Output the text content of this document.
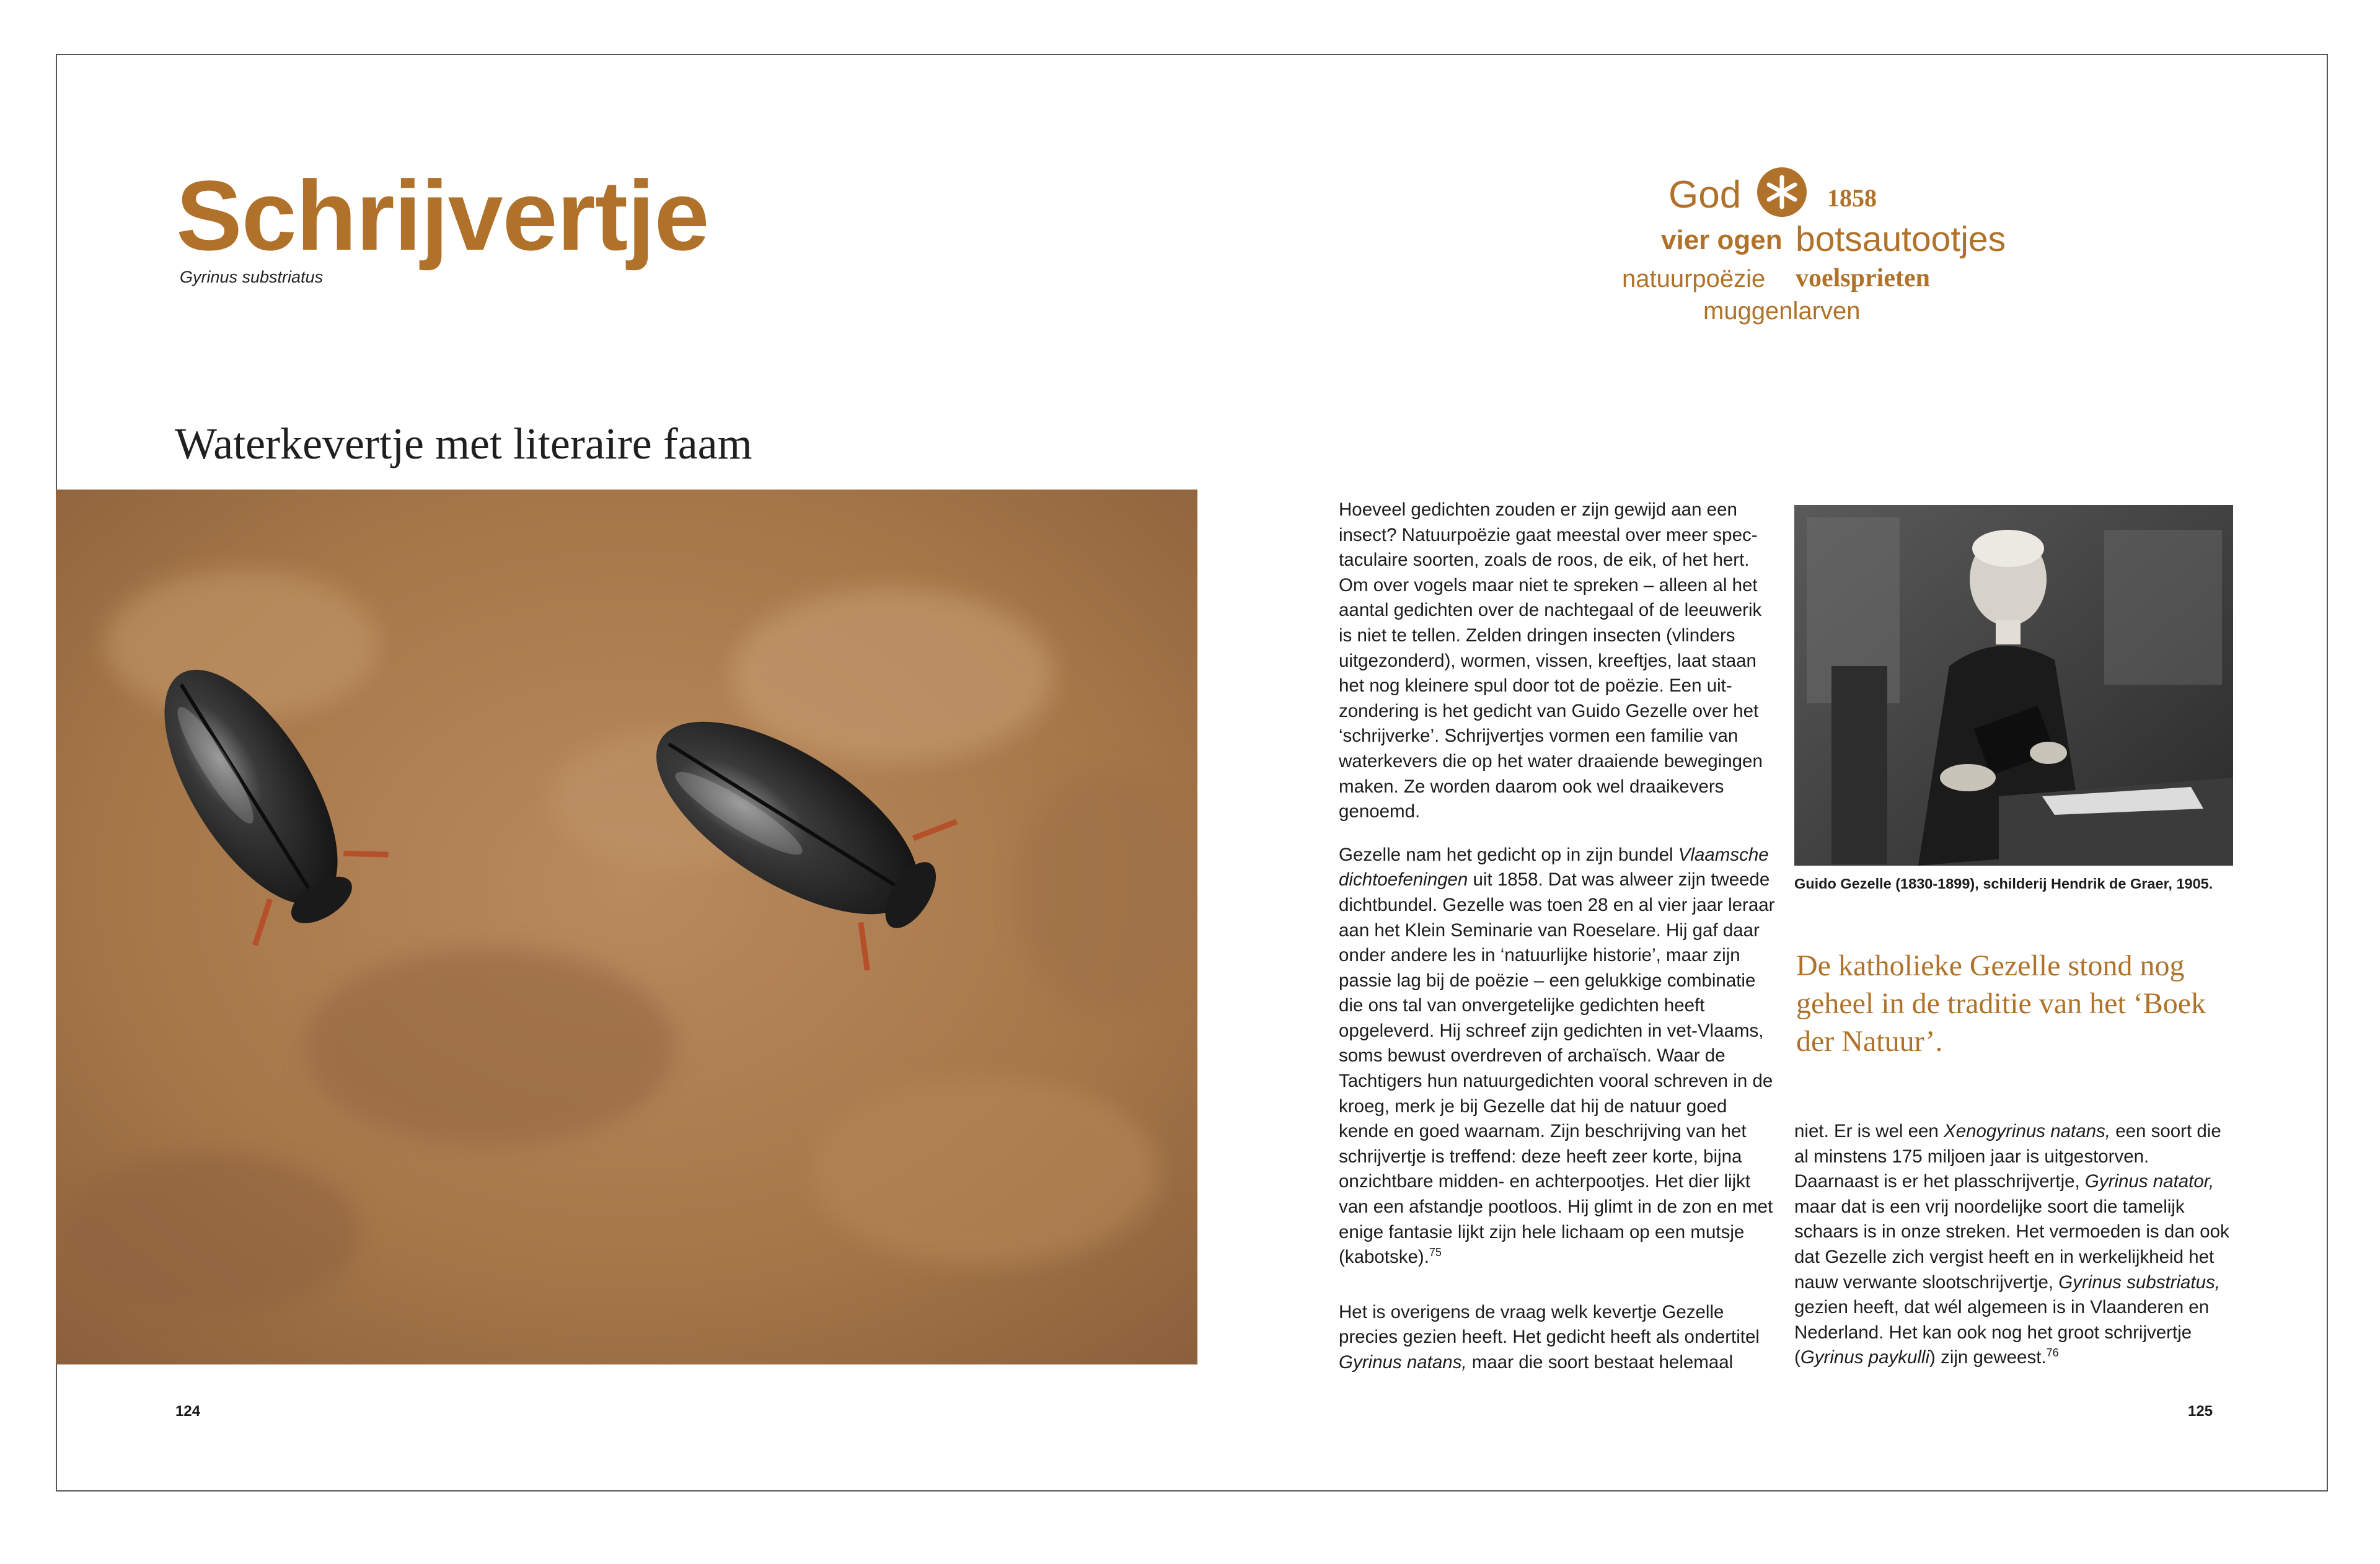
Schrijvertje
Gyrinus substriatus
Waterkevertje met literaire faam
124
God	1858
vier ogen botsautootjes
natuurpoëzie voelsprieten
muggenlarven

Hoeveel gedichten zouden er zijn gewijd aan een insect? Natuurpoëzie gaat meestal over meer spectaculaire soorten, zoals de roos, de eik, of het hert. Om over vogels maar niet te spreken – alleen al het aantal gedichten over de nachtegaal of de leeuwerik is niet te tellen. Zelden dringen insecten (vlinders uitgezonderd), wormen, vissen, kreeftjes, laat staan het nog kleinere spul door tot de poëzie. Een uitzondering is het gedicht van Guido Gezelle over het ‘schrijverke’. Schrijvertjes vormen een familie van waterkevers die op het water draaiende bewegingen maken. Ze worden daarom ook wel draaikevers genoemd.

Gezelle nam het gedicht op in zijn bundel Vlaamsche dichtoefeningen uit 1858. Dat was alweer zijn tweede dichtbundel. Gezelle was toen 28 en al vier jaar leraar aan het Klein Seminarie van Roeselare. Hij gaf daar onder andere les in ‘natuurlijke historie’, maar zijn passie lag bij de poëzie – een gelukkige combinatie die ons tal van onvergetelijke gedichten heeft opgeleverd. Hij schreef zijn gedichten in vet-Vlaams, soms bewust overdreven of archaïsch. Waar de Tachtigers hun natuurgedichten vooral schreven in de kroeg, merk je bij Gezelle dat hij de natuur goed kende en goed waarnam. Zijn beschrijving van het schrijvertje is treffend: deze heeft zeer korte, bijna onzichtbare midden- en achterpootjes. Het dier lijkt van een afstandje pootloos. Hij glimt in de zon en met enige fantasie lijkt zijn hele lichaam op een mutsje (kabotske).$^{75}$

Het is overigens de vraag welk kevertje Gezelle precies gezien heeft. Het gedicht heeft als ondertitel Gyrinus natans, maar die soort bestaat helemaal

Guido Gezelle (1830-1899), schilderij Hendrik de Graer, 1905.

De katholieke Gezelle stond nog geheel in de traditie van het ‘Boek der Natuur’.

niet. Er is wel een Xenogyrinus natans, een soort die al minstens 175 miljoen jaar is uitgestorven. Daarnaast is er het plasschrijvertje, Gyrinus natator, maar dat is een vrij noordelijke soort die tamelijk schaars is in onze streken. Het vermoeden is dan ook dat Gezelle zich vergist heeft en in werkelijkheid het nauw verwante slootschrijvertje, Gyrinus substriatus, gezien heeft, dat wél algemeen is in Vlaanderen en Nederland. Het kan ook nog het groot schrijvertje (Gyrinus paykulli) zijn geweest.$^{76}$

125
